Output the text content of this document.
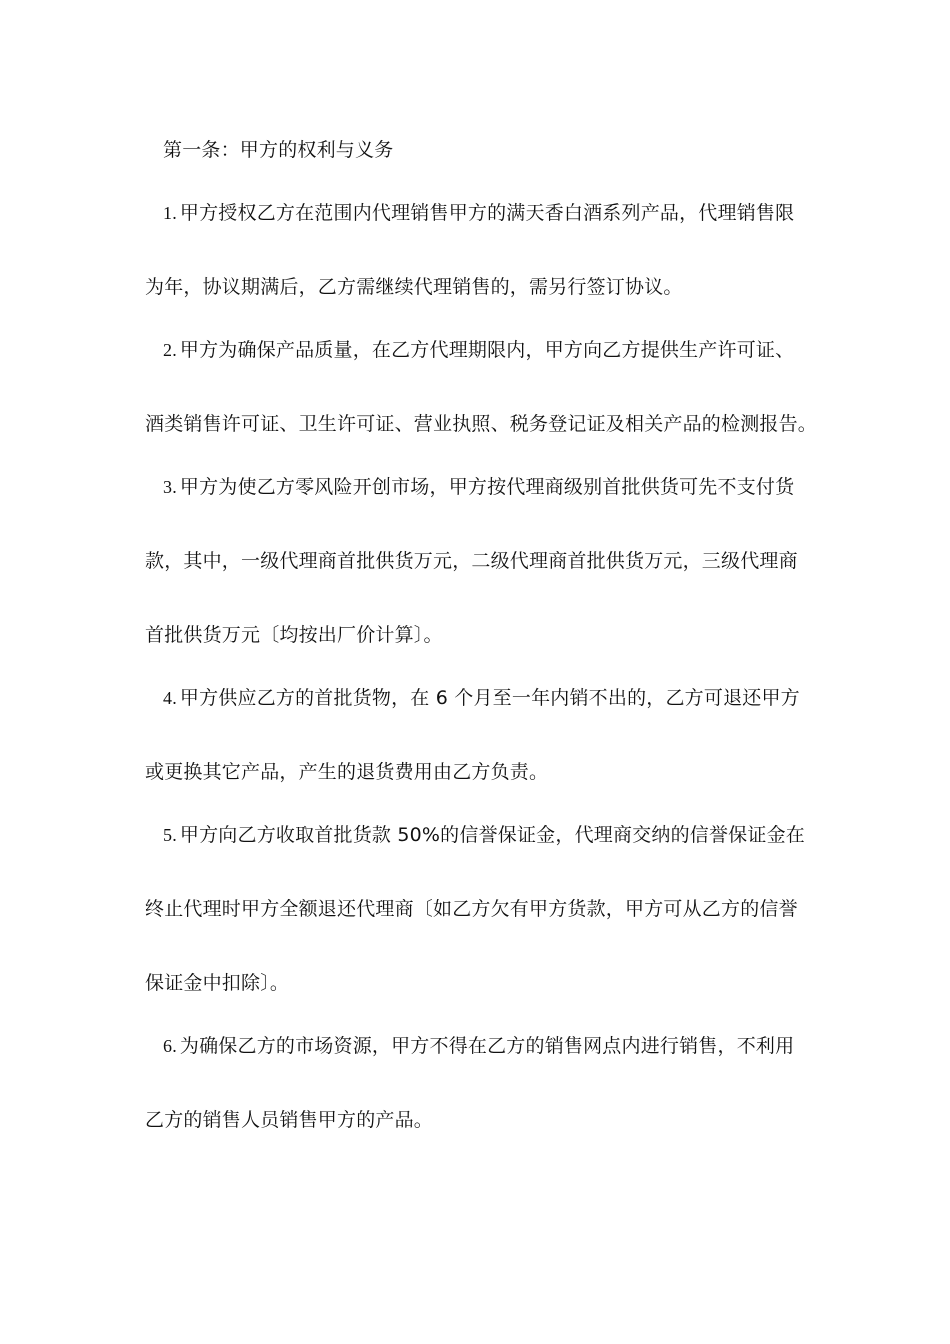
第一条：甲方的权利与义务
1. 甲方授权乙方在范围内代理销售甲方的满天香白酒系列产品，代理销售限
为年，协议期满后，乙方需继续代理销售的，需另行签订协议。
2. 甲方为确保产品质量，在乙方代理期限内，甲方向乙方提供生产许可证、
酒类销售许可证、卫生许可证、营业执照、税务登记证及相关产品的检测报告。
3. 甲方为使乙方零风险开创市场，甲方按代理商级别首批供货可先不支付货
款，其中，一级代理商首批供货万元，二级代理商首批供货万元，三级代理商
首批供货万元〔均按出厂价计算〕。
4. 甲方供应乙方的首批货物，在 6 个月至一年内销不出的，乙方可退还甲方
或更换其它产品，产生的退货费用由乙方负责。
5. 甲方向乙方收取首批货款 50%的信誉保证金，代理商交纳的信誉保证金在
终止代理时甲方全额退还代理商〔如乙方欠有甲方货款，甲方可从乙方的信誉
保证金中扣除〕。
6. 为确保乙方的市场资源，甲方不得在乙方的销售网点内进行销售，不利用
乙方的销售人员销售甲方的产品。
